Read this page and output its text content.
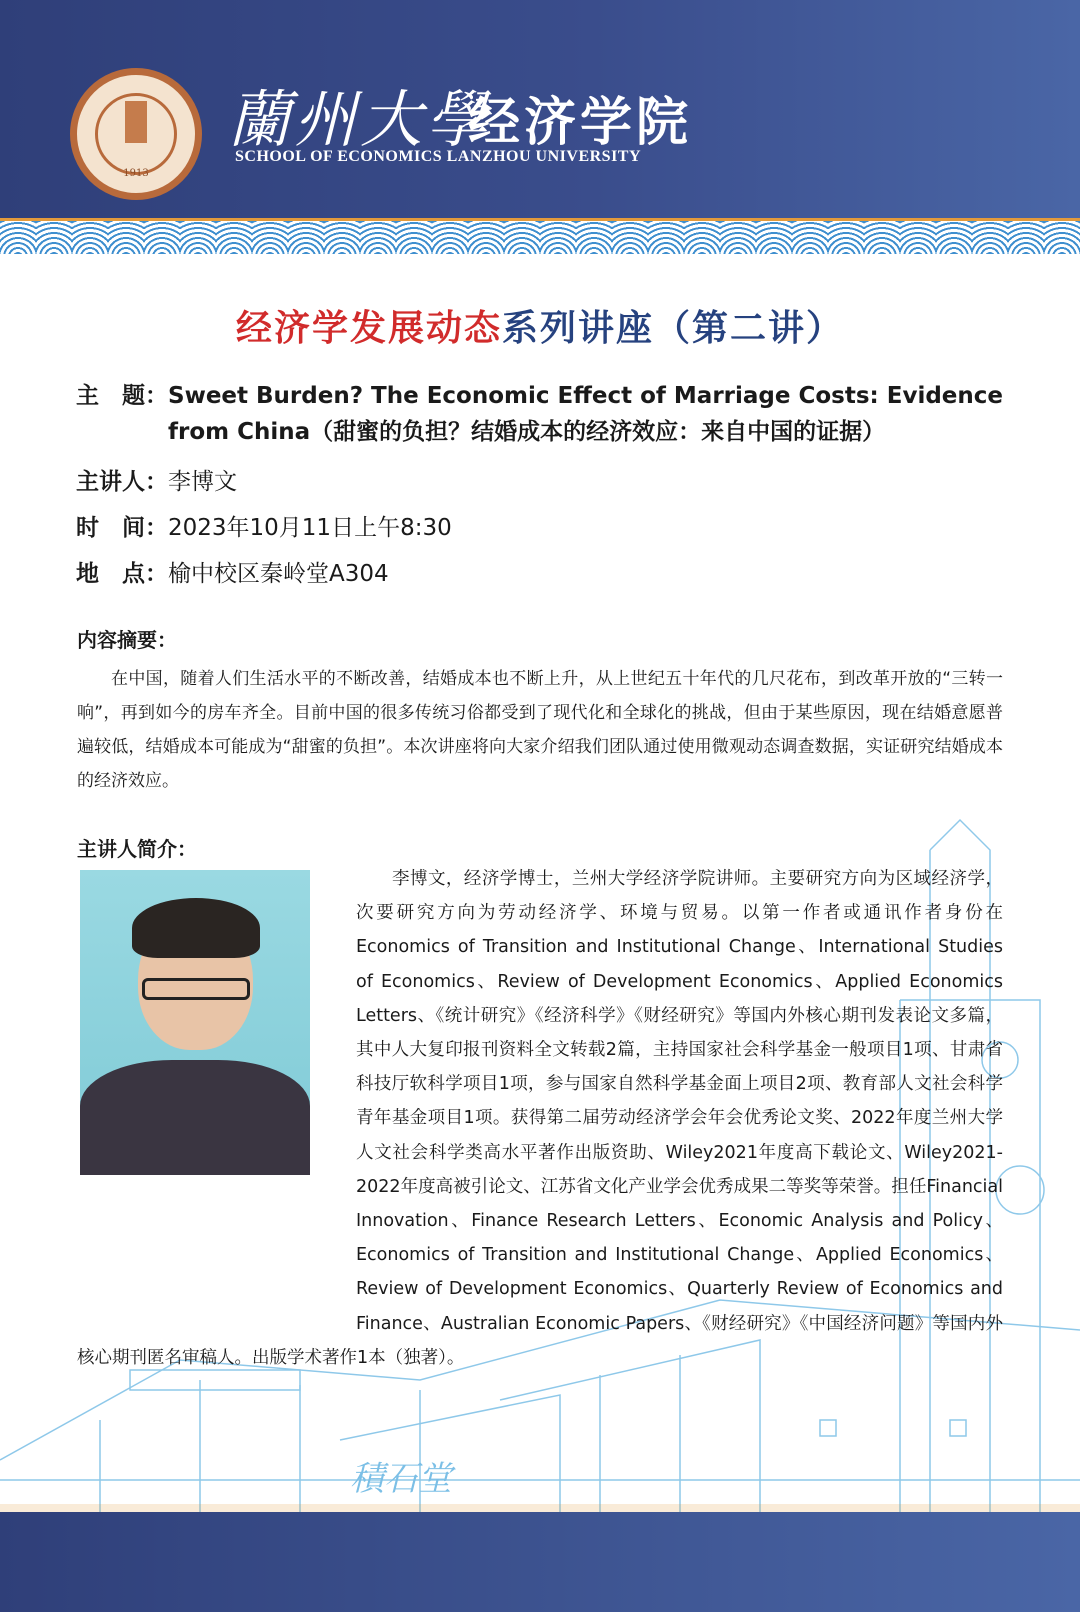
1913
蘭州大學
经济学院
SCHOOL OF ECONOMICS LANZHOU UNIVERSITY
经济学发展动态系列讲座（第二讲）
主　题： Sweet Burden? The Economic Effect of Marriage Costs: Evidence from China（甜蜜的负担？结婚成本的经济效应：来自中国的证据）
主讲人：李博文
时　间：2023年10月11日上午8:30
地　点：榆中校区秦岭堂A304
内容摘要：
在中国，随着人们生活水平的不断改善，结婚成本也不断上升，从上世纪五十年代的几尺花布，到改革开放的“三转一响”，再到如今的房车齐全。目前中国的很多传统习俗都受到了现代化和全球化的挑战，但由于某些原因，现在结婚意愿普遍较低，结婚成本可能成为“甜蜜的负担”。本次讲座将向大家介绍我们团队通过使用微观动态调查数据，实证研究结婚成本的经济效应。
主讲人简介：
積石堂
　　李博文，经济学博士，兰州大学经济学院讲师。主要研究方向为区域经济学，次要研究方向为劳动经济学、环境与贸易。以第一作者或通讯作者身份在Economics of Transition and Institutional Change、International Studies of Economics、Review of Development Economics、Applied Economics Letters、《统计研究》《经济科学》《财经研究》等国内外核心期刊发表论文多篇，其中人大复印报刊资料全文转载2篇，主持国家社会科学基金一般项目1项、甘肃省科技厅软科学项目1项，参与国家自然科学基金面上项目2项、教育部人文社会科学青年基金项目1项。获得第二届劳动经济学会年会优秀论文奖、2022年度兰州大学人文社会科学类高水平著作出版资助、Wiley2021年度高下载论文、Wiley2021-2022年度高被引论文、江苏省文化产业学会优秀成果二等奖等荣誉。担任Financial Innovation、Finance Research Letters、Economic Analysis and Policy、Economics of Transition and Institutional Change、Applied Economics、Review of Development Economics、Quarterly Review of Economics and Finance、Australian Economic Papers、《财经研究》《中国经济问题》等国内外核心期刊匿名审稿人。出版学术著作1本（独著）。
